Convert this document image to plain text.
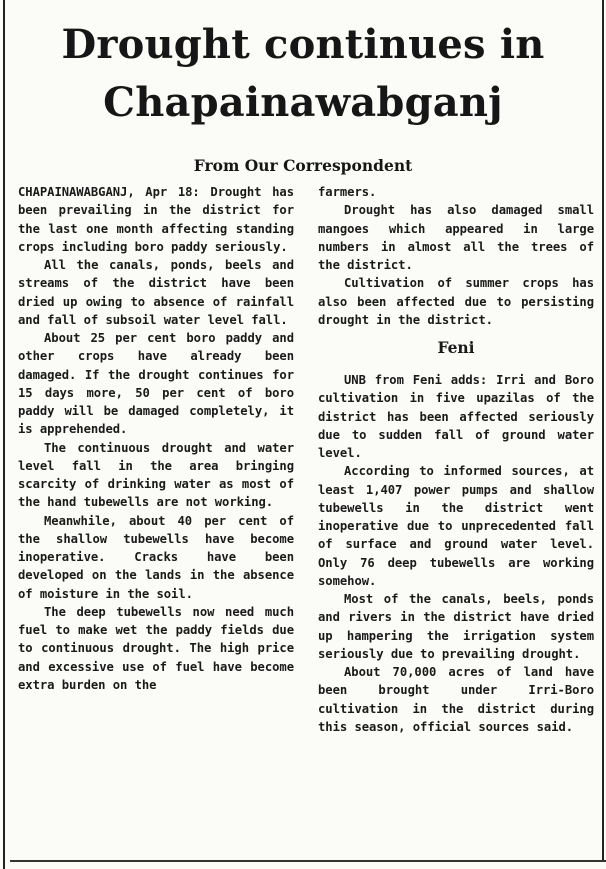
Drought continues in Chapainawabganj

From Our Correspondent

CHAPAINAWABGANJ, Apr 18: Drought has been prevailing in the district for the last one month affecting standing crops including boro paddy seriously.

All the canals, ponds, beels and streams of the district have been dried up owing to absence of rainfall and fall of subsoil water level fall.

About 25 per cent boro paddy and other crops have already been damaged. If the drought continues for 15 days more, 50 per cent of boro paddy will be damaged completely, it is apprehended.

The continuous drought and water level fall in the area bringing scarcity of drinking water as most of the hand tubewells are not working.

Meanwhile, about 40 per cent of the shallow tubewells have become inoperative. Cracks have been developed on the lands in the absence of moisture in the soil.

The deep tubewells now need much fuel to make wet the paddy fields due to continuous drought. The high price and excessive use of fuel have become extra burden on the

farmers.

Drought has also damaged small mangoes which appeared in large numbers in almost all the trees of the district.

Cultivation of summer crops has also been affected due to persisting drought in the district.

Feni

UNB from Feni adds: Irri and Boro cultivation in five upazilas of the district has been affected seriously due to sudden fall of ground water level.

According to informed sources, at least 1,407 power pumps and shallow tubewells in the district went inoperative due to unprecedented fall of surface and ground water level. Only 76 deep tubewells are working somehow.

Most of the canals, beels, ponds and rivers in the district have dried up hampering the irrigation system seriously due to prevailing drought.

About 70,000 acres of land have been brought under Irri-Boro cultivation in the district during this season, official sources said.
